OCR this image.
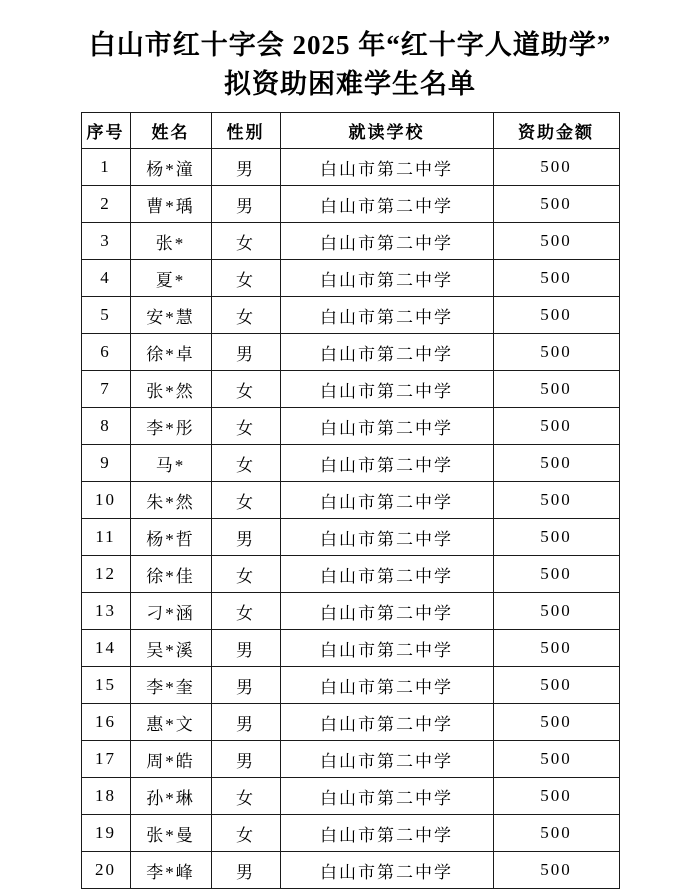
白山市红十字会 2025 年“红十字人道助学”
拟资助困难学生名单
序号	姓名	性别	就读学校	资助金额
1	杨*潼	男	白山市第二中学	500
2	曹*瑀	男	白山市第二中学	500
3	张*	女	白山市第二中学	500
4	夏*	女	白山市第二中学	500
5	安*慧	女	白山市第二中学	500
6	徐*卓	男	白山市第二中学	500
7	张*然	女	白山市第二中学	500
8	李*彤	女	白山市第二中学	500
9	马*	女	白山市第二中学	500
10	朱*然	女	白山市第二中学	500
11	杨*哲	男	白山市第二中学	500
12	徐*佳	女	白山市第二中学	500
13	刁*涵	女	白山市第二中学	500
14	吴*溪	男	白山市第二中学	500
15	李*奎	男	白山市第二中学	500
16	惠*文	男	白山市第二中学	500
17	周*皓	男	白山市第二中学	500
18	孙*琳	女	白山市第二中学	500
19	张*曼	女	白山市第二中学	500
20	李*峰	男	白山市第二中学	500
